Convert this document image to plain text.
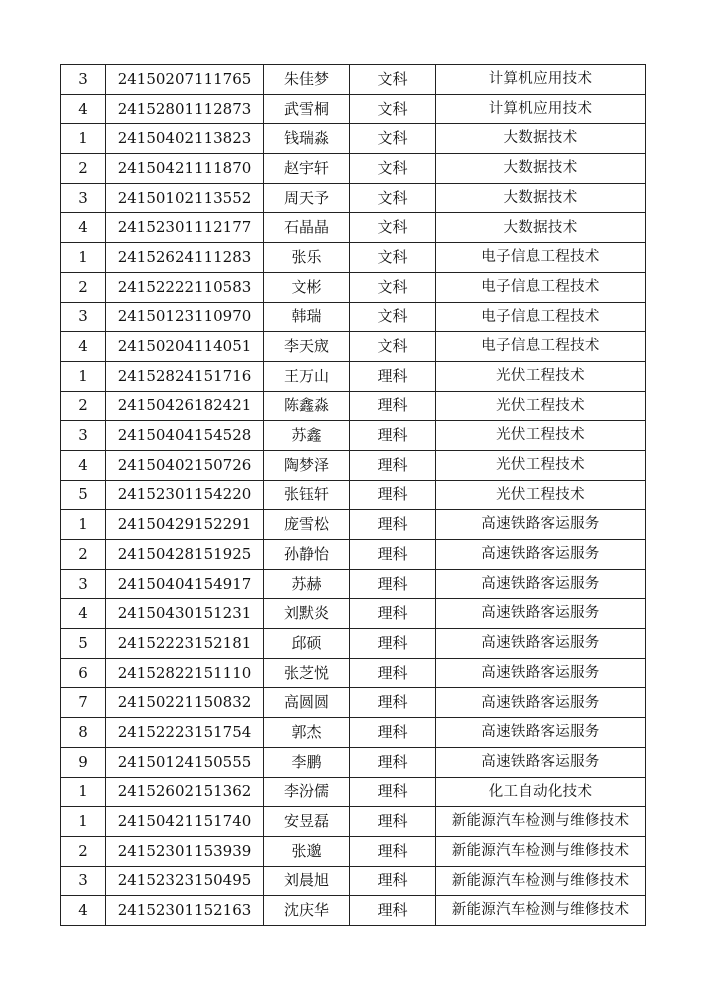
3	24150207111765	朱佳梦	文科	计算机应用技术
4	24152801112873	武雪桐	文科	计算机应用技术
1	24150402113823	钱瑞淼	文科	大数据技术
2	24150421111870	赵宇轩	文科	大数据技术
3	24150102113552	周天予	文科	大数据技术
4	24152301112177	石晶晶	文科	大数据技术
1	24152624111283	张乐	文科	电子信息工程技术
2	24152222110583	文彬	文科	电子信息工程技术
3	24150123110970	韩瑞	文科	电子信息工程技术
4	24150204114051	李天宬	文科	电子信息工程技术
1	24152824151716	王万山	理科	光伏工程技术
2	24150426182421	陈鑫淼	理科	光伏工程技术
3	24150404154528	苏鑫	理科	光伏工程技术
4	24150402150726	陶梦泽	理科	光伏工程技术
5	24152301154220	张钰轩	理科	光伏工程技术
1	24150429152291	庞雪松	理科	高速铁路客运服务
2	24150428151925	孙静怡	理科	高速铁路客运服务
3	24150404154917	苏赫	理科	高速铁路客运服务
4	24150430151231	刘默炎	理科	高速铁路客运服务
5	24152223152181	邱硕	理科	高速铁路客运服务
6	24152822151110	张芝悦	理科	高速铁路客运服务
7	24150221150832	高圆圆	理科	高速铁路客运服务
8	24152223151754	郭杰	理科	高速铁路客运服务
9	24150124150555	李鹏	理科	高速铁路客运服务
1	24152602151362	李汾儒	理科	化工自动化技术
1	24150421151740	安昱磊	理科	新能源汽车检测与维修技术
2	24152301153939	张邈	理科	新能源汽车检测与维修技术
3	24152323150495	刘晨旭	理科	新能源汽车检测与维修技术
4	24152301152163	沈庆华	理科	新能源汽车检测与维修技术
